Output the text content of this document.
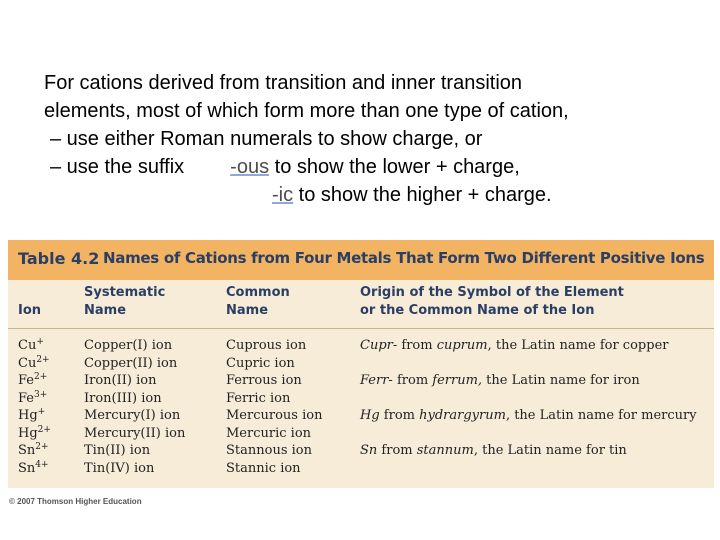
For cations derived from transition and inner transition
elements, most of which form more than one type of cation,
– use either Roman numerals to show charge, or
– use the suffix -ous to show the lower + charge,
-ic to show the higher + charge.
Table 4.2 Names of Cations from Four Metals That Form Two Different Positive Ions
Ion
Systematic
Name
Common
Name
Origin of the Symbol of the Element
or the Common Name of the Ion
Cu+
$Cu^{2+}$
$Fe^{2+}$
$Fe^{3+}$
Hg+
$Hg^{2+}$
$Sn^{2+}$
$Sn^{4+}$
Copper(I) ion
Copper(II) ion
Iron(II) ion
Iron(III) ion
Mercury(I) ion
Mercury(II) ion
Tin(II) ion
Tin(IV) ion
Cuprous ion
Cupric ion
Ferrous ion
Ferric ion
Mercurous ion
Mercuric ion
Stannous ion
Stannic ion
Cupr- from cuprum, the Latin name for copper
Ferr- from ferrum, the Latin name for iron
Hg from hydrargyrum, the Latin name for mercury
Sn from stannum, the Latin name for tin
© 2007 Thomson Higher Education
